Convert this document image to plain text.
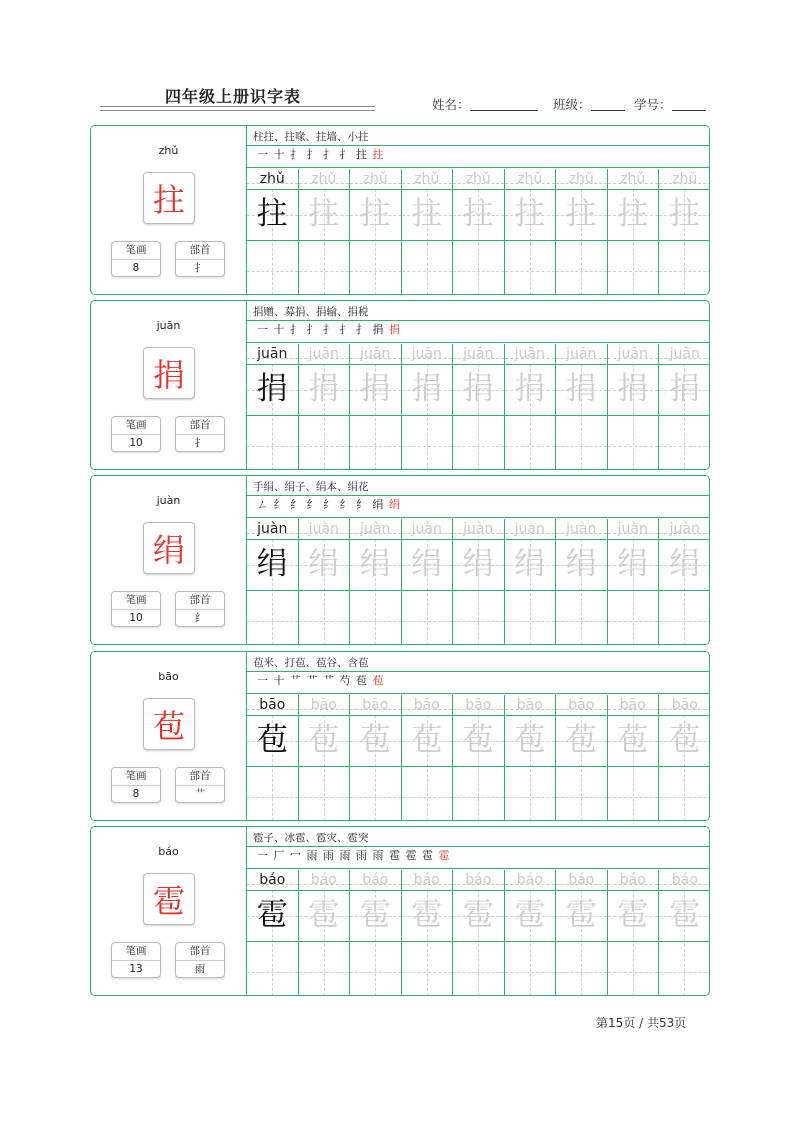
四年级上册识字表	姓名：	班级：	学号：
zhǔ
拄
笔画
8
部首
扌
柱拄、拄喙、拄墙、小拄
一 十 扌 扌 扌 扌 拄 拄
zhǔ
拄
zhǔ
拄
zhǔ
拄
zhǔ
拄
zhǔ
拄
zhǔ
拄
zhǔ
拄
zhǔ
拄
zhǔ
拄
juān
捐
笔画
10
部首
扌
捐赠、募捐、捐输、捐税
一 十 扌 扌 扌 扌 扌 捐 捐
juān
捐
juān
捐
juān
捐
juān
捐
juān
捐
juān
捐
juān
捐
juān
捐
juān
捐
juàn
绢
笔画
10
部首
纟
手绢、绢子、绢本、绢花
ㄥ 纟 纟 纟 纟 纟 纟 绢 绢
juàn
绢
juàn
绢
juàn
绢
juàn
绢
juàn
绢
juàn
绢
juàn
绢
juàn
绢
juàn
绢
bāo
苞
笔画
8
部首
艹
苞米、打苞、苞谷、含苞
一 十 艹 艹 艹 芍 苞 苞
bāo
苞
bāo
苞
bāo
苞
bāo
苞
bāo
苞
bāo
苞
bāo
苞
bāo
苞
bāo
苞
báo
雹
笔画
13
部首
雨
雹子、冰雹、雹灾、雹突
一 厂 冖 雨 雨 雨 雨 雨 雹 雹 雹 雹
báo
雹
báo
雹
báo
雹
báo
雹
báo
雹
báo
雹
báo
雹
báo
雹
báo
雹
第15页 / 共53页
